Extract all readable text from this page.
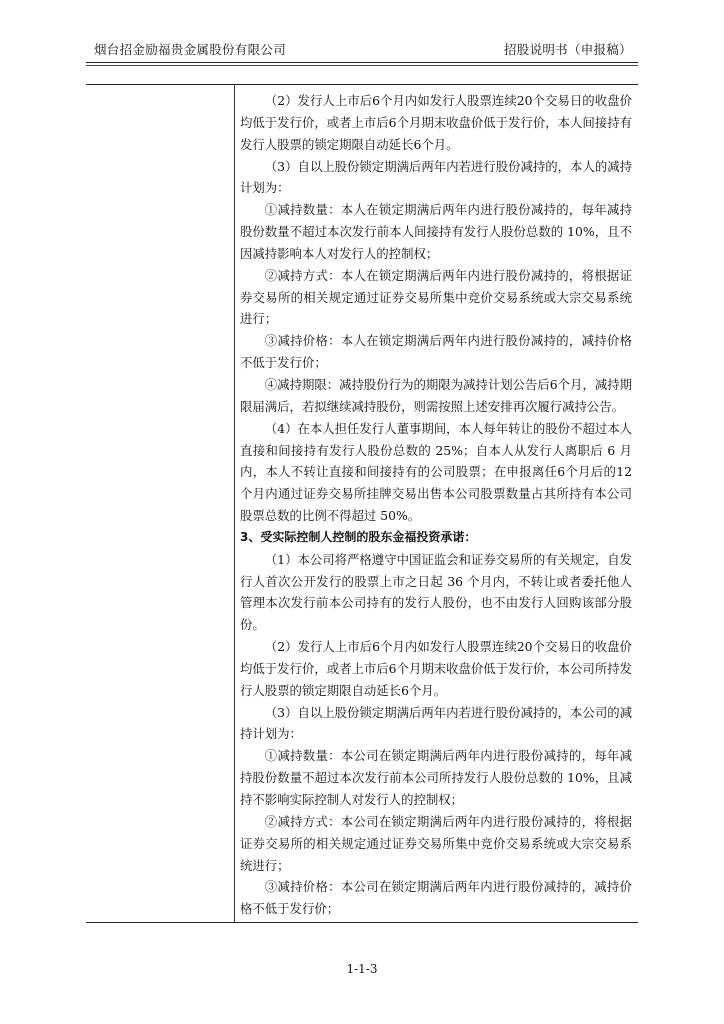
烟台招金励福贵金属股份有限公司	招股说明书（申报稿）

（2）发行人上市后6个月内如发行人股票连续20个交易日的收盘价均低于发行价，或者上市后6个月期末收盘价低于发行价，本人间接持有发行人股票的锁定期限自动延长6个月。

（3）自以上股份锁定期满后两年内若进行股份减持的，本人的减持计划为：

①减持数量：本人在锁定期满后两年内进行股份减持的，每年减持股份数量不超过本次发行前本人间接持有发行人股份总数的 10%，且不因减持影响本人对发行人的控制权；

②减持方式：本人在锁定期满后两年内进行股份减持的，将根据证券交易所的相关规定通过证券交易所集中竞价交易系统或大宗交易系统进行；

③减持价格：本人在锁定期满后两年内进行股份减持的，减持价格不低于发行价；

④减持期限：减持股份行为的期限为减持计划公告后6个月，减持期限届满后，若拟继续减持股份，则需按照上述安排再次履行减持公告。

（4）在本人担任发行人董事期间，本人每年转让的股份不超过本人直接和间接持有发行人股份总数的 25%；自本人从发行人离职后 6 月内，本人不转让直接和间接持有的公司股票；在申报离任6个月后的12 个月内通过证券交易所挂牌交易出售本公司股票数量占其所持有本公司股票总数的比例不得超过 50%。

3、受实际控制人控制的股东金福投资承诺：

（1）本公司将严格遵守中国证监会和证券交易所的有关规定，自发行人首次公开发行的股票上市之日起 36 个月内，不转让或者委托他人管理本次发行前本公司持有的发行人股份，也不由发行人回购该部分股份。

（2）发行人上市后6个月内如发行人股票连续20个交易日的收盘价均低于发行价，或者上市后6个月期末收盘价低于发行价，本公司所持发行人股票的锁定期限自动延长6个月。

（3）自以上股份锁定期满后两年内若进行股份减持的，本公司的减持计划为：

①减持数量：本公司在锁定期满后两年内进行股份减持的，每年减持股份数量不超过本次发行前本公司所持发行人股份总数的 10%，且减持不影响实际控制人对发行人的控制权；

②减持方式：本公司在锁定期满后两年内进行股份减持的，将根据证券交易所的相关规定通过证券交易所集中竞价交易系统或大宗交易系统进行；

③减持价格：本公司在锁定期满后两年内进行股份减持的，减持价格不低于发行价；

1-1-3
